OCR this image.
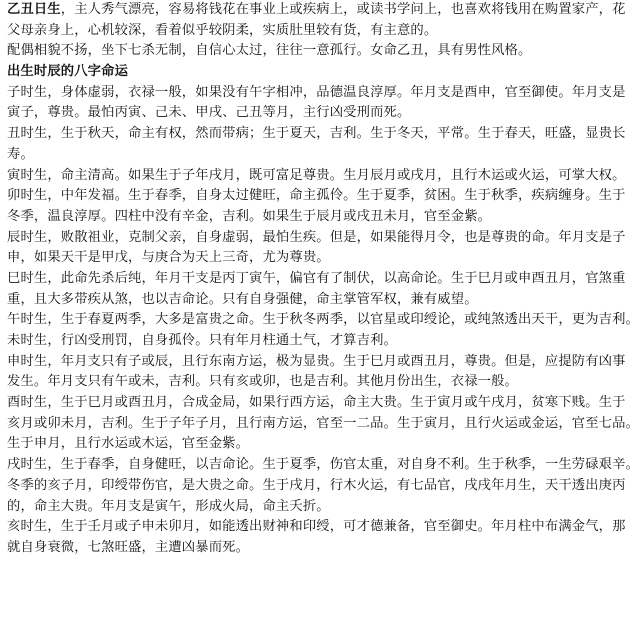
乙丑日生，主人秀气漂亮，容易将钱花在事业上或疾病上，或读书学问上，也喜欢将钱用在购置家产，花
父母亲身上，心机较深，看着似乎较阴柔，实质肚里较有货，有主意的。
配偶相貌不扬，坐下七杀无制，自信心太过，往往一意孤行。女命乙丑，具有男性风格。

出生时辰的八字命运

子时生，身体虚弱，衣禄一般，如果没有午字相冲，品德温良淳厚。年月支是酉申，官至御使。年月支是
寅子，尊贵。最怕丙寅、己未、甲戌、己丑等月，主行凶受刑而死。

丑时生，生于秋天，命主有权，然而带病；生于夏天，吉利。生于冬天，平常。生于春天，旺盛，显贵长
寿。

寅时生，命主清高。如果生于子年戌月，既可富足尊贵。生月辰月或戌月，且行木运或火运，可掌大权。

卯时生，中年发福。生于春季，自身太过健旺，命主孤伶。生于夏季，贫困。生于秋季，疾病缠身。生于
冬季，温良淳厚。四柱中没有辛金，吉利。如果生于辰月或戌丑未月，官至金紫。

辰时生，败散祖业，克制父亲，自身虚弱，最怕生疾。但是，如果能得月令，也是尊贵的命。年月支是子
申，如果天干是甲戊，与庚合为天上三奇，尤为尊贵。

巳时生，此命先杀后纯，年月干支是丙丁寅午，偏官有了制伏，以高命论。生于巳月或申酉丑月，官煞重
重，且大多带疾从煞，也以吉命论。只有自身强健，命主掌管军权，兼有威望。

午时生，生于春夏两季，大多是富贵之命。生于秋冬两季，以官星或印绶论，或纯煞透出天干，更为吉利。

未时生，行凶受刑罚，自身孤伶。只有年月柱通土气，才算吉利。

申时生，年月支只有子或辰，且行东南方运，极为显贵。生于巳月或酉丑月，尊贵。但是，应提防有凶事
发生。年月支只有午或未，吉利。只有亥或卯，也是吉利。其他月份出生，衣禄一般。

酉时生，生于巳月或酉丑月，合成金局，如果行西方运，命主大贵。生于寅月或午戌月，贫寒下贱。生于
亥月或卯未月，吉利。生于子年子月，且行南方运，官至一二品。生于寅月，且行火运或金运，官至七品。
生于申月，且行水运或木运，官至金紫。

戌时生，生于春季，自身健旺，以吉命论。生于夏季，伤官太重，对自身不利。生于秋季，一生劳碌艰辛。
冬季的亥子月，印绶带伤官，是大贵之命。生于戌月，行木火运，有七品官，戌戌年月生，天干透出庚丙
的，命主大贵。年月支是寅午，形成火局，命主夭折。

亥时生，生于壬月或子申未卯月，如能透出财神和印绶，可才德兼备，官至御史。年月柱中布满金气，那
就自身衰微，七煞旺盛，主遭凶暴而死。
